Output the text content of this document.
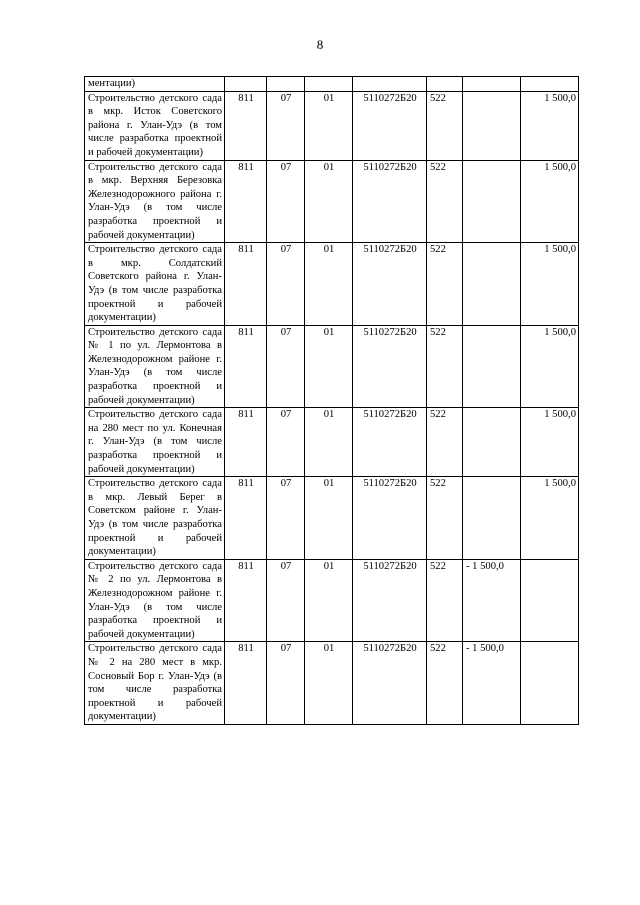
8
ментации)							
Строительство детского сада в мкр. Исток Советского района г. Улан-Удэ (в том числе разработка проектной и рабочей документации)	811	07	01	5110272Б20	522		1 500,0
Строительство детского сада в мкр. Верхняя Березовка Железнодорожного района г. Улан-Удэ (в том числе разработка проектной и рабочей документации)	811	07	01	5110272Б20	522		1 500,0
Строительство детского сада в мкр. Солдатский Советского района г. Улан-Удэ (в том числе разработка проектной и рабочей документации)	811	07	01	5110272Б20	522		1 500,0
Строительство детского сада № 1 по ул. Лермонтова в Железнодорожном районе г. Улан-Удэ (в том числе разработка проектной и рабочей документации)	811	07	01	5110272Б20	522		1 500,0
Строительство детского сада на 280 мест по ул. Конечная г. Улан-Удэ (в том числе разработка проектной и рабочей документации)	811	07	01	5110272Б20	522		1 500,0
Строительство детского сада в мкр. Левый Берег в Советском районе г. Улан-Удэ (в том числе разработка проектной и рабочей документации)	811	07	01	5110272Б20	522		1 500,0
Строительство детского сада № 2 по ул. Лермонтова в Железнодорожном районе г. Улан-Удэ (в том числе разработка проектной и рабочей документации)	811	07	01	5110272Б20	522	- 1 500,0	
Строительство детского сада № 2 на 280 мест в мкр. Сосновый Бор г. Улан-Удэ (в том числе разработка проектной и рабочей документации)	811	07	01	5110272Б20	522	- 1 500,0	
